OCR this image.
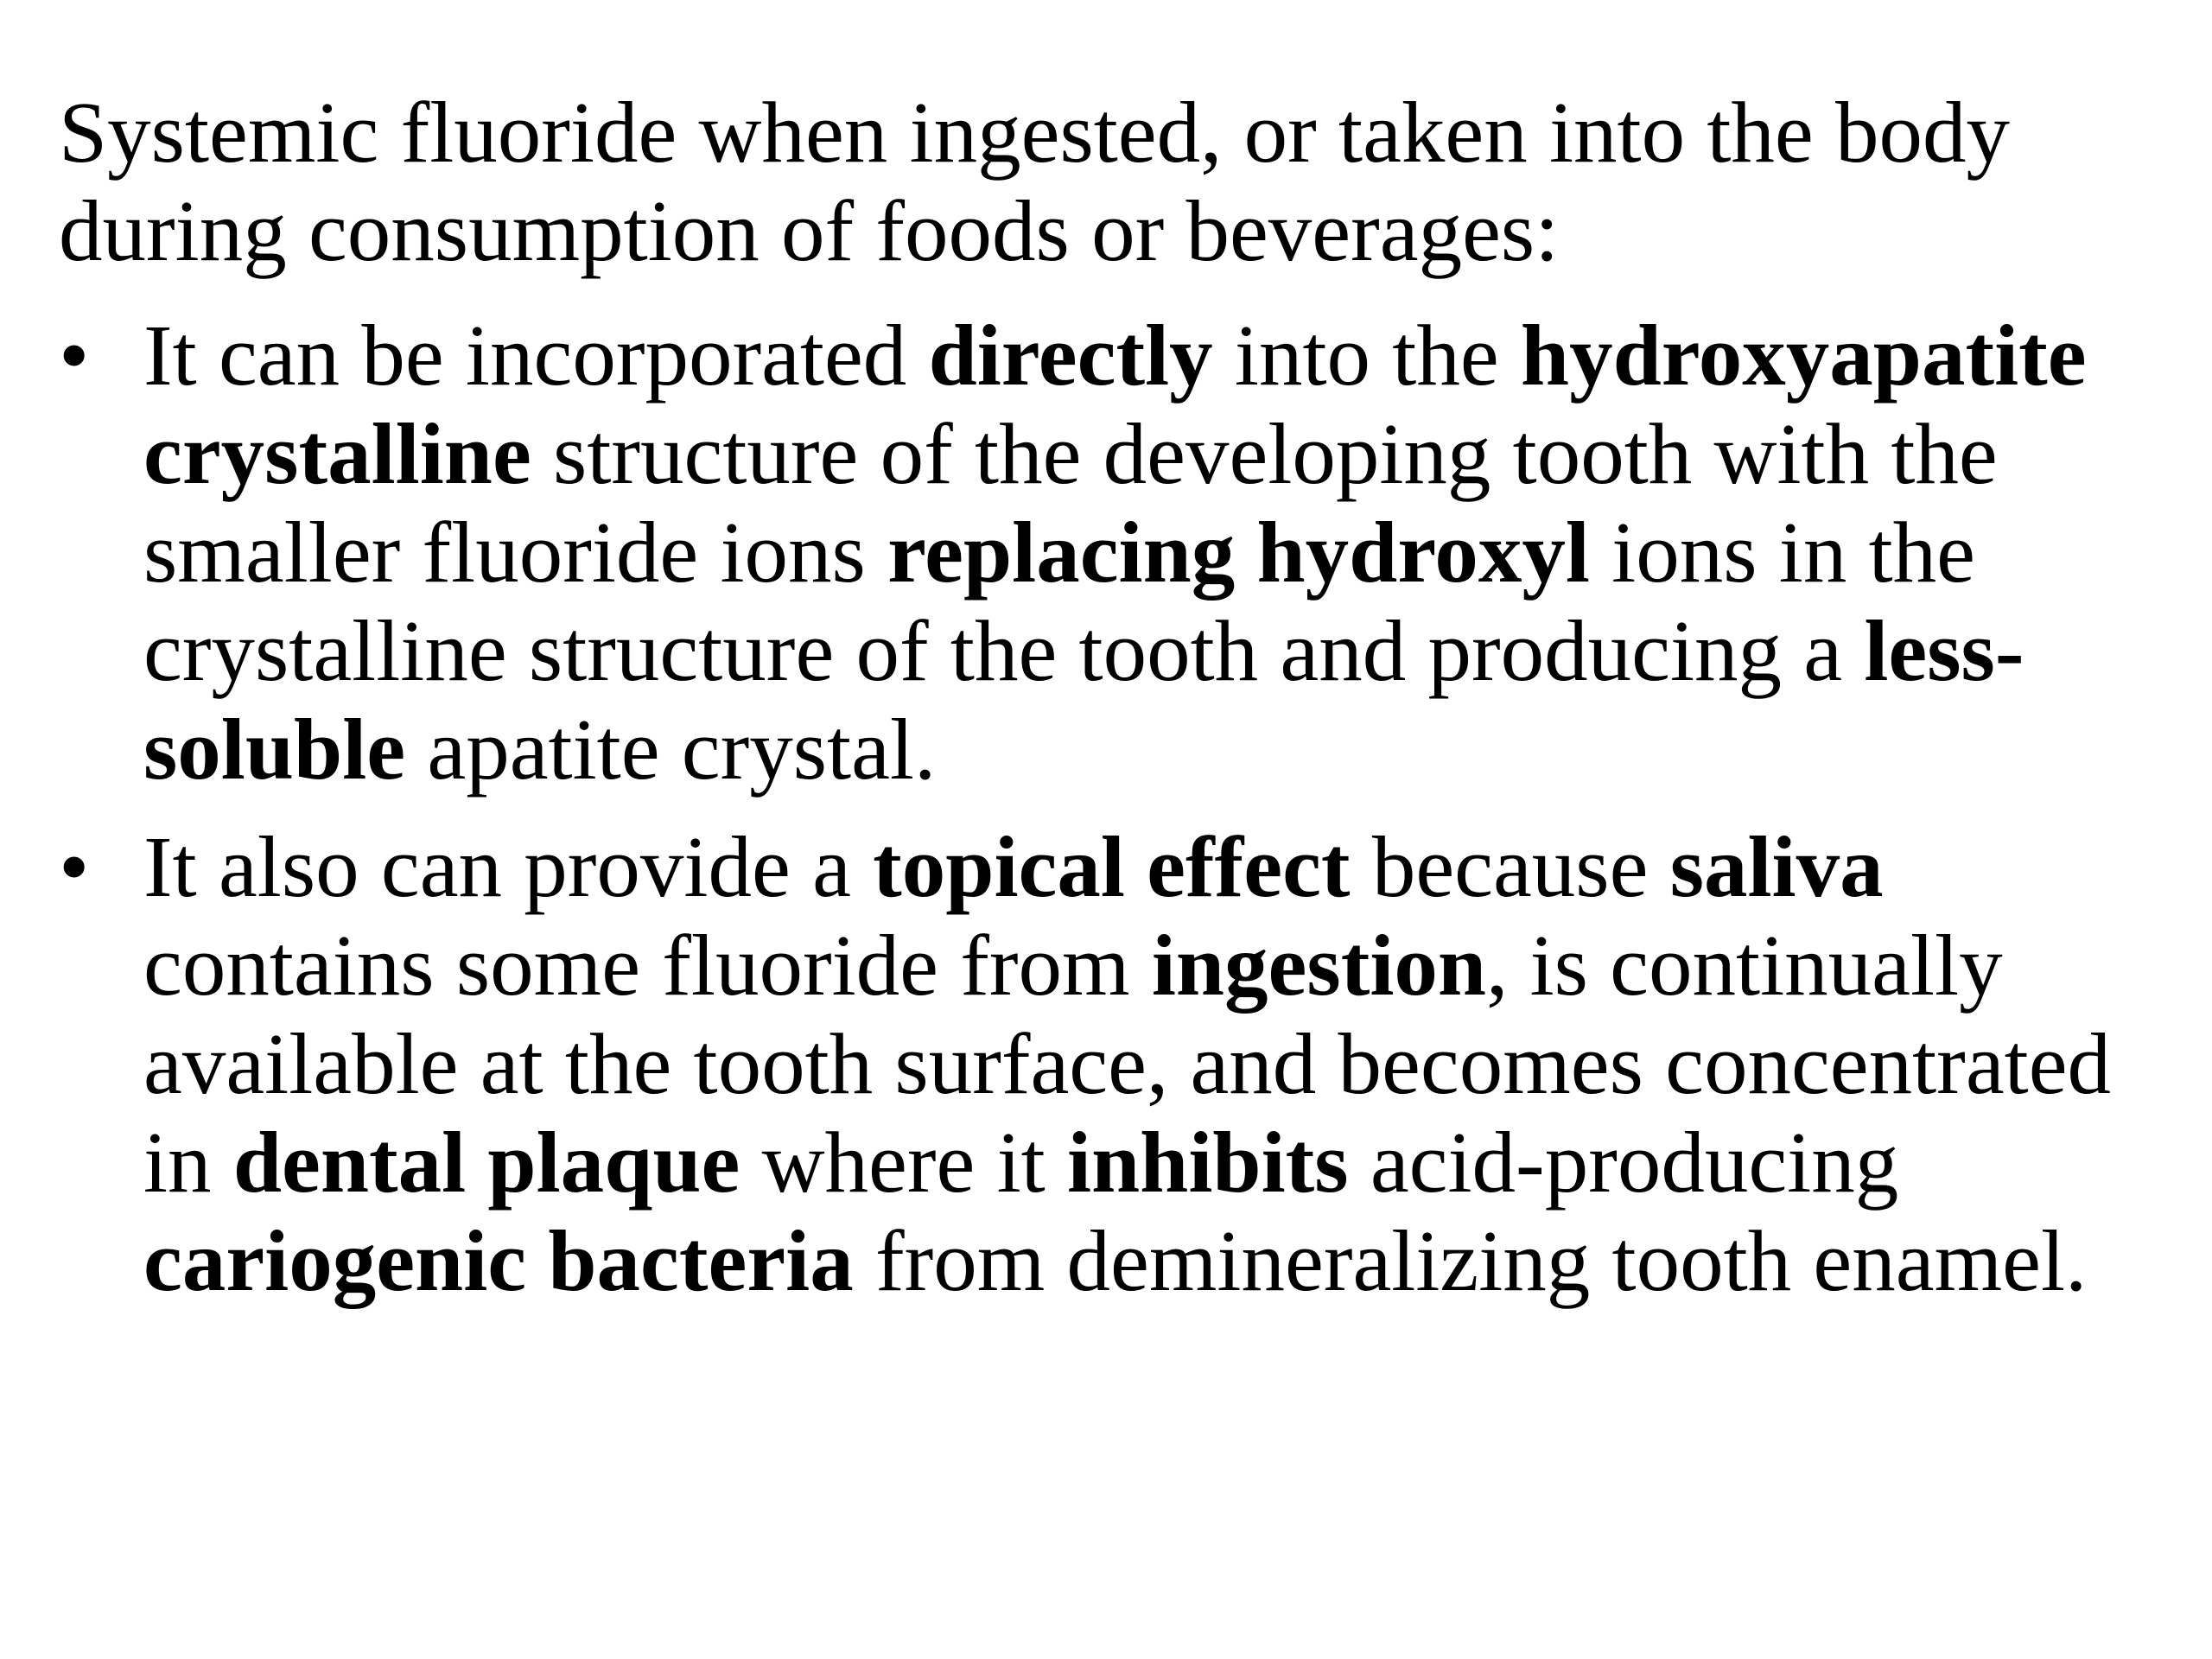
Systemic fluoride when ingested, or taken into the body during consumption of foods or beverages:

• It can be incorporated directly into the hydroxyapatite crystalline structure of the developing tooth with the smaller fluoride ions replacing hydroxyl ions in the crystalline structure of the tooth and producing a less-soluble apatite crystal.
• It also can provide a topical effect because saliva contains some fluoride from ingestion, is continually available at the tooth surface, and becomes concentrated in dental plaque where it inhibits acid-producing cariogenic bacteria from demineralizing tooth enamel.
